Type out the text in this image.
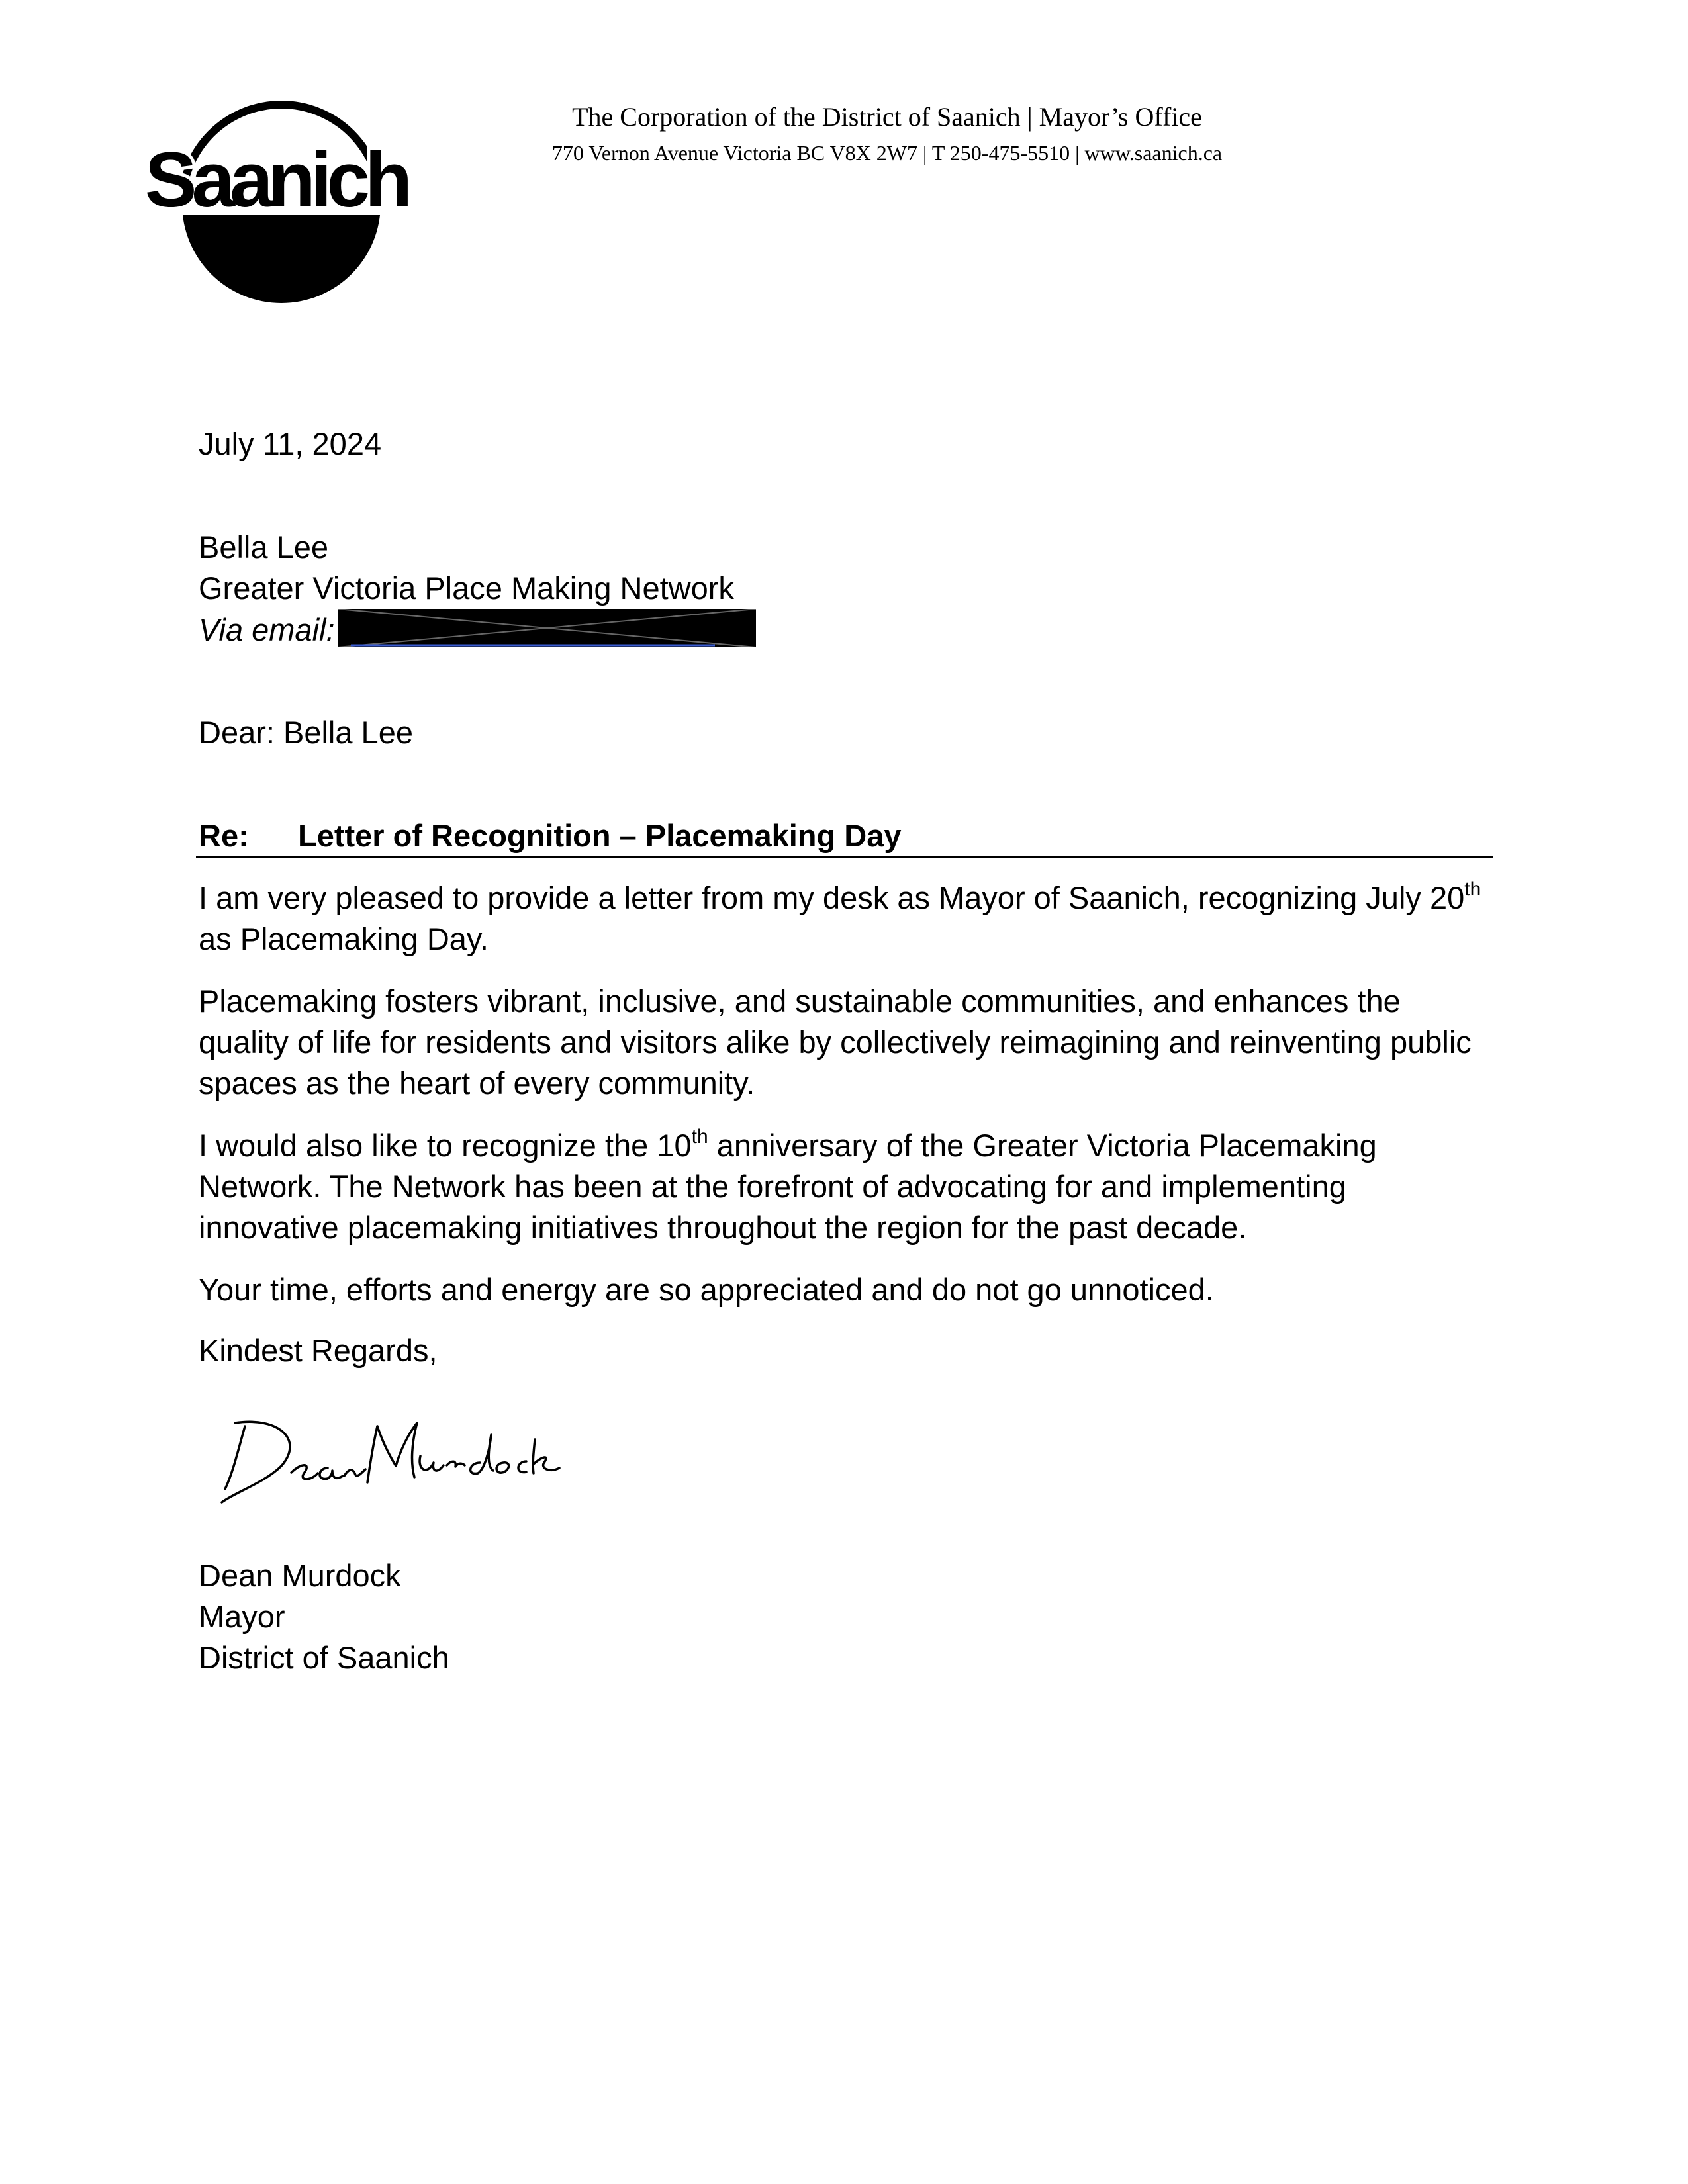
Saanich
The Corporation of the District of Saanich | Mayor’s Office
770 Vernon Avenue Victoria BC V8X 2W7 | T 250-475-5510 | www.saanich.ca
July 11, 2024
Bella Lee
Greater Victoria Place Making Network
Via email:
Dear: Bella Lee
Re: Letter of Recognition – Placemaking Day

I am very pleased to provide a letter from my desk as Mayor of Saanich, recognizing July 20th as Placemaking Day.

Placemaking fosters vibrant, inclusive, and sustainable communities, and enhances the quality of life for residents and visitors alike by collectively reimagining and reinventing public spaces as the heart of every community.

I would also like to recognize the 10th anniversary of the Greater Victoria Placemaking Network. The Network has been at the forefront of advocating for and implementing innovative placemaking initiatives throughout the region for the past decade.

Your time, efforts and energy are so appreciated and do not go unnoticed.

Kindest Regards,
Dean Murdock
Mayor
District of Saanich
